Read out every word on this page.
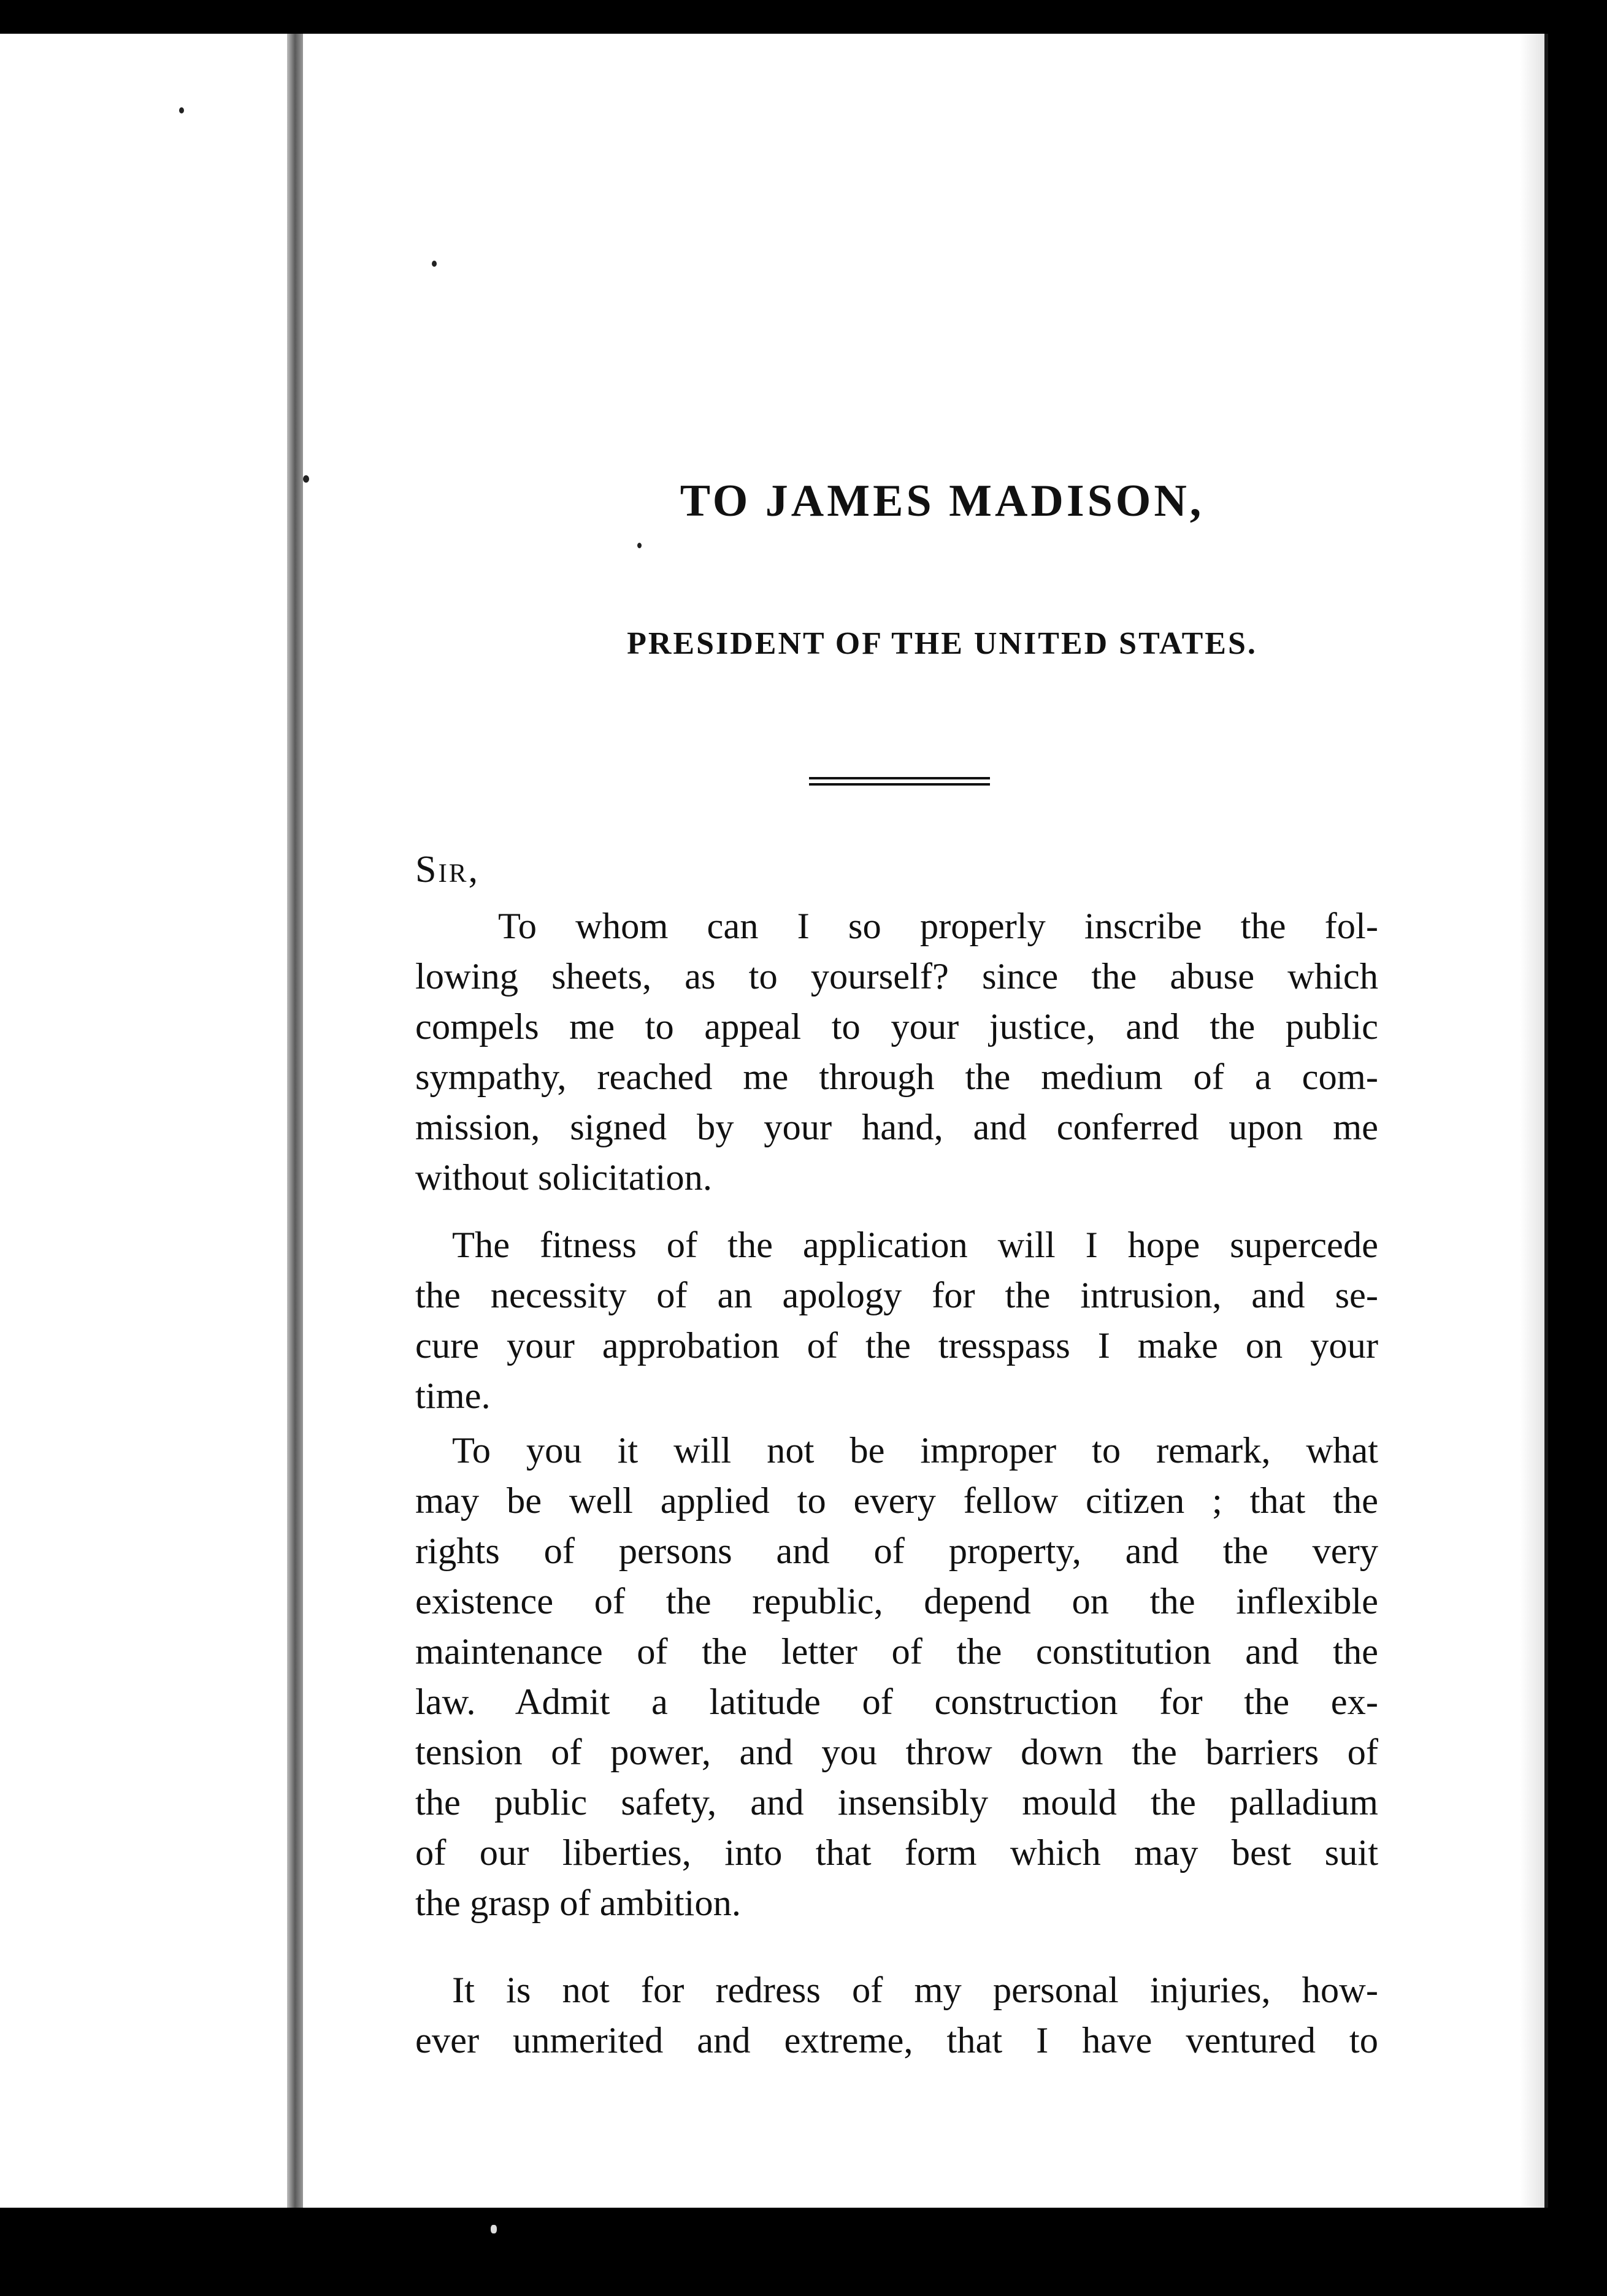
TO JAMES MADISON,
PRESIDENT OF THE UNITED STATES.

Sir,

To whom can I so properly inscribe the fol-
lowing sheets, as to yourself? since the abuse which
compels me to appeal to your justice, and the public
sympathy, reached me through the medium of a com-
mission, signed by your hand, and conferred upon me
without solicitation.
The fitness of the application will I hope supercede
the necessity of an apology for the intrusion, and se-
cure your approbation of the tresspass I make on your
time.
To you it will not be improper to remark, what
may be well applied to every fellow citizen ; that the
rights of persons and of property, and the very
existence of the republic, depend on the inflexible
maintenance of the letter of the constitution and the
law. Admit a latitude of construction for the ex-
tension of power, and you throw down the barriers of
the public safety, and insensibly mould the palladium
of our liberties, into that form which may best suit
the grasp of ambition.
It is not for redress of my personal injuries, how-
ever unmerited and extreme, that I have ventured to
